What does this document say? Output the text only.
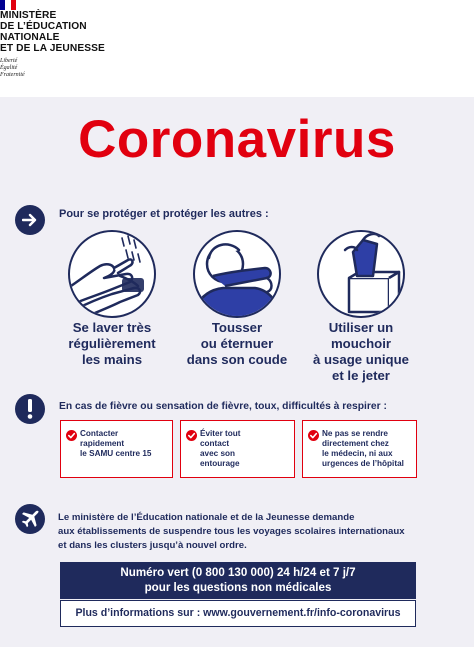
MINISTÈRE
DE L’ÉDUCATION
NATIONALE
ET DE LA JEUNESSE
Liberté
Égalité
Fraternité
Coronavirus
Pour se protéger et protéger les autres :
Se laver très
régulièrement
les mains
Tousser
ou éternuer
dans son coude
Utiliser un
mouchoir
à usage unique
et le jeter
En cas de fièvre ou sensation de fièvre, toux, difficultés à respirer :
Contacter
rapidement
le SAMU centre 15
Éviter tout
contact
avec son
entourage
Ne pas se rendre
directement chez
le médecin, ni aux
urgences de l’hôpital
Le ministère de l’Éducation nationale et de la Jeunesse demande
aux établissements de suspendre tous les voyages scolaires internationaux
et dans les clusters jusqu’à nouvel ordre.
Numéro vert (0 800 130 000) 24 h/24 et 7 j/7
pour les questions non médicales
Plus d’informations sur : www.gouvernement.fr/info-coronavirus
